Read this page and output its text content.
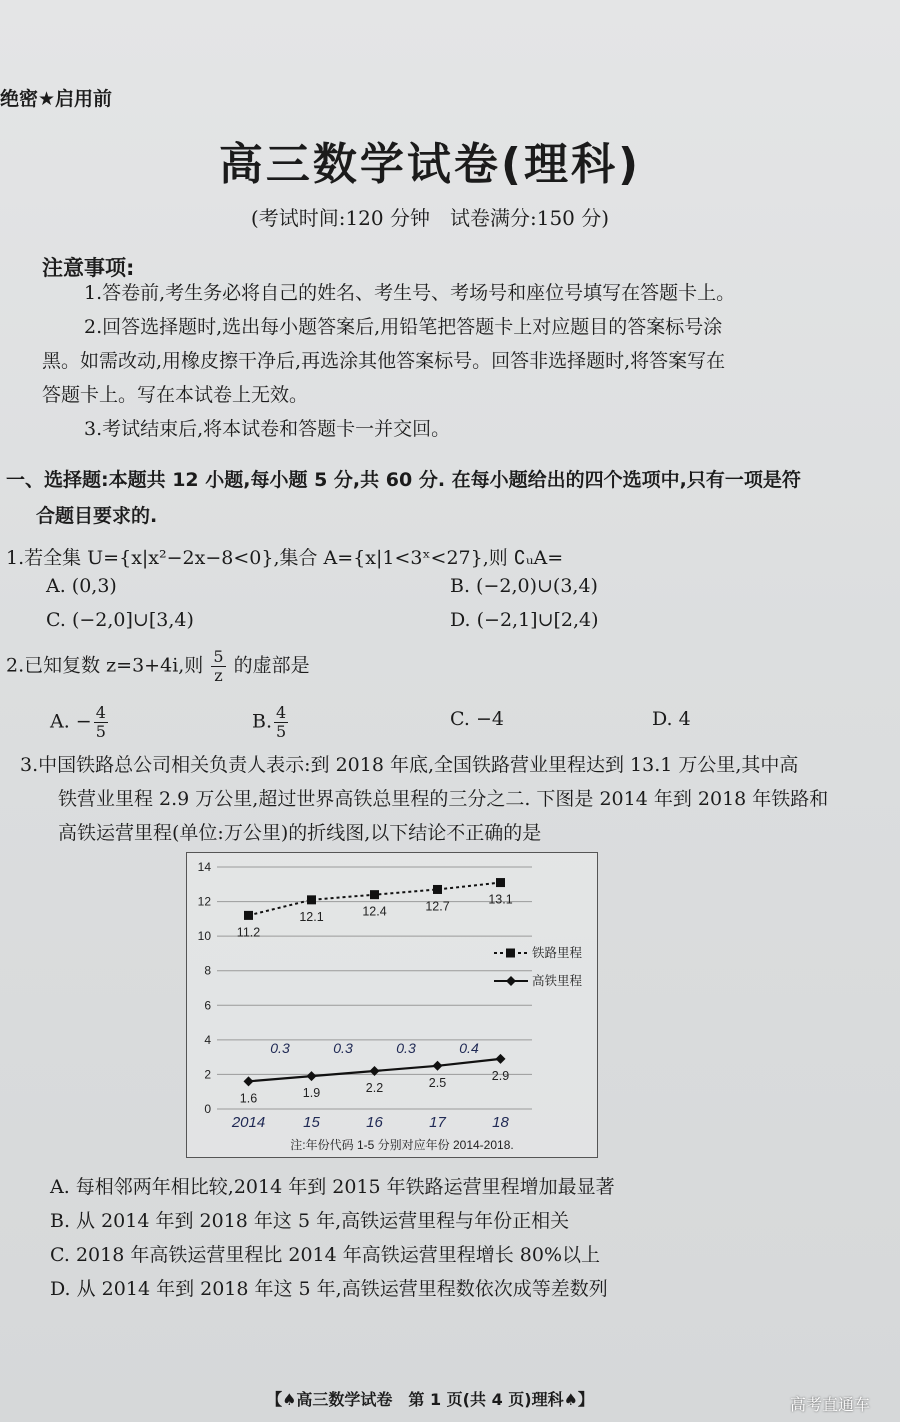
绝密★启用前
高三数学试卷(理科)
(考试时间:120 分钟　试卷满分:150 分)
注意事项:
1.答卷前,考生务必将自己的姓名、考生号、考场号和座位号填写在答题卡上。
2.回答选择题时,选出每小题答案后,用铅笔把答题卡上对应题目的答案标号涂
黑。如需改动,用橡皮擦干净后,再选涂其他答案标号。回答非选择题时,将答案写在
答题卡上。写在本试卷上无效。
3.考试结束后,将本试卷和答题卡一并交回。
一、选择题:本题共 12 小题,每小题 5 分,共 60 分. 在每小题给出的四个选项中,只有一项是符
合题目要求的.
1.若全集 U={x|x²−2x−8<0},集合 A={x|1<3ˣ<27},则 ∁ᵤA=
A. (0,3)	B. (−2,0)∪(3,4)
C. (−2,0]∪[3,4)	D. (−2,1]∪[2,4)
2.已知复数 z=3+4i,则 $\frac{5}{z}$ 的虚部是
A. − $\frac{4}{5}$	B. $\frac{4}{5}$	C. −4	D. 4
3.中国铁路总公司相关负责人表示:到 2018 年底,全国铁路营业里程达到 13.1 万公里,其中高
铁营业里程 2.9 万公里,超过世界高铁总里程的三分之二. 下图是 2014 年到 2018 年铁路和
高铁运营里程(单位:万公里)的折线图,以下结论不正确的是
0
2
4
6
8
10
12
14
11.2
12.1	12.4	12.7	13.1
铁路里程
1.6	1.9	2.2	2.5	2.9
高铁里程
2014	15	16	17	18
0.3	0.3	0.3	0.4
注:年份代码 1-5 分别对应年份 2014-2018.
A. 每相邻两年相比较,2014 年到 2015 年铁路运营里程增加最显著
B. 从 2014 年到 2018 年这 5 年,高铁运营里程与年份正相关
C. 2018 年高铁运营里程比 2014 年高铁运营里程增长 80%以上
D. 从 2014 年到 2018 年这 5 年,高铁运营里程数依次成等差数列
【♠高三数学试卷　第 1 页(共 4 页)理科♠】	高考直通车
